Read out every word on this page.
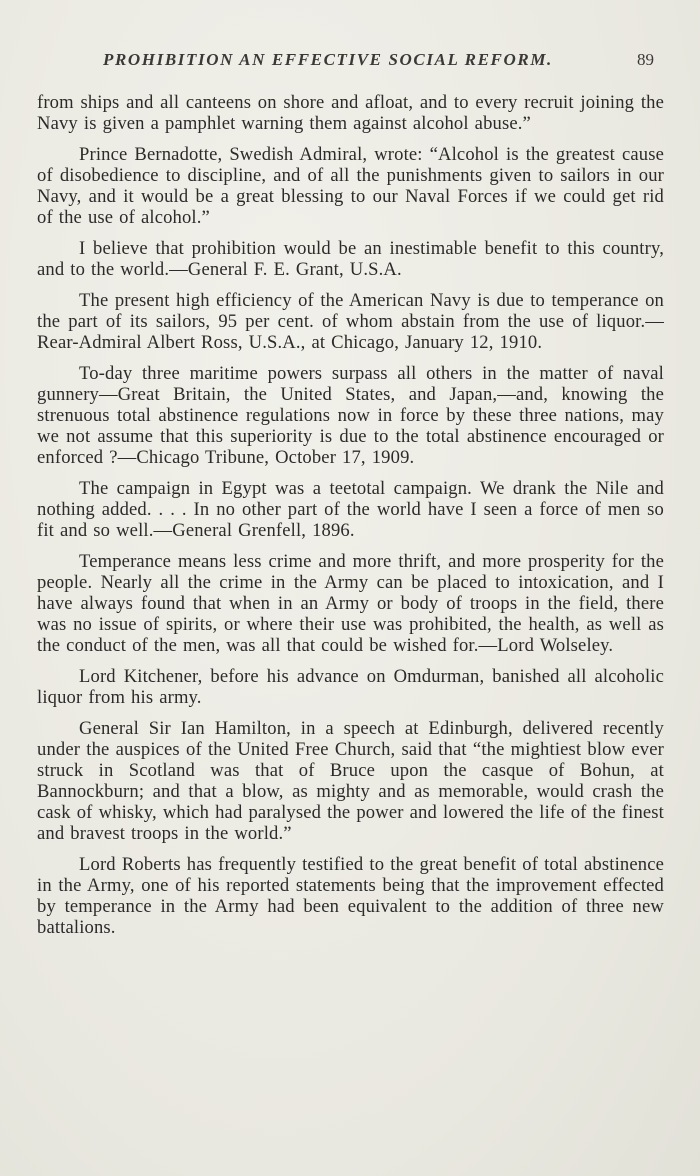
PROHIBITION AN EFFECTIVE SOCIAL REFORM.	89

from ships and all canteens on shore and afloat, and to every recruit joining the Navy is given a pamphlet warning them against alcohol abuse.”

Prince Bernadotte, Swedish Admiral, wrote: “Alcohol is the greatest cause of disobedience to discipline, and of all the punishments given to sailors in our Navy, and it would be a great blessing to our Naval Forces if we could get rid of the use of alcohol.”

I believe that prohibition would be an inestimable benefit to this country, and to the world.—General F. E. Grant, U.S.A.

The present high efficiency of the American Navy is due to temperance on the part of its sailors, 95 per cent. of whom abstain from the use of liquor.—Rear-Admiral Albert Ross, U.S.A., at Chicago, January 12, 1910.

To-day three maritime powers surpass all others in the matter of naval gunnery—Great Britain, the United States, and Japan,—and, knowing the strenuous total abstinence regulations now in force by these three nations, may we not assume that this superiority is due to the total abstinence encouraged or enforced ?—Chicago Tribune, October 17, 1909.

The campaign in Egypt was a teetotal campaign. We drank the Nile and nothing added. . . . In no other part of the world have I seen a force of men so fit and so well.—General Grenfell, 1896.

Temperance means less crime and more thrift, and more prosperity for the people. Nearly all the crime in the Army can be placed to intoxication, and I have always found that when in an Army or body of troops in the field, there was no issue of spirits, or where their use was prohibited, the health, as well as the conduct of the men, was all that could be wished for.—Lord Wolseley.

Lord Kitchener, before his advance on Omdurman, banished all alcoholic liquor from his army.

General Sir Ian Hamilton, in a speech at Edinburgh, delivered recently under the auspices of the United Free Church, said that “the mightiest blow ever struck in Scotland was that of Bruce upon the casque of Bohun, at Bannockburn; and that a blow, as mighty and as memorable, would crash the cask of whisky, which had paralysed the power and lowered the life of the finest and bravest troops in the world.”

Lord Roberts has frequently testified to the great benefit of total abstinence in the Army, one of his reported statements being that the improvement effected by temperance in the Army had been equivalent to the addition of three new battalions.
